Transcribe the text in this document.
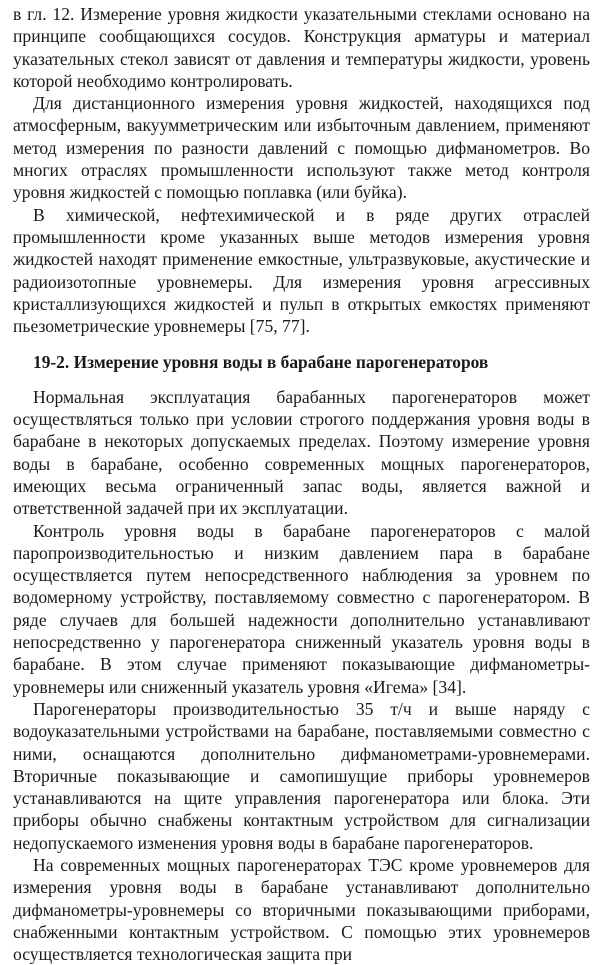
в гл. 12. Измерение уровня жидкости указательными стеклами основано на принципе сообщающихся сосудов. Конструкция арматуры и материал указательных стекол зависят от давления и температуры жидкости, уровень которой необходимо контролировать.

Для дистанционного измерения уровня жидкостей, находящихся под атмосферным, вакуумметрическим или избыточным давлением, применяют метод измерения по разности давлений с помощью дифманометров. Во многих отраслях промышленности используют также метод контроля уровня жидкостей с помощью поплавка (или буйка).

В химической, нефтехимической и в ряде других отраслей промышленности кроме указанных выше методов измерения уровня жидкостей находят применение емкостные, ультразвуковые, акустические и радиоизотопные уровнемеры. Для измерения уровня агрессивных кристаллизующихся жидкостей и пульп в открытых емкостях применяют пьезометрические уровнемеры [75, 77].

19-2. Измерение уровня воды в барабане парогенераторов

Нормальная эксплуатация барабанных парогенераторов может осуществляться только при условии строгого поддержания уровня воды в барабане в некоторых допускаемых пределах. Поэтому измерение уровня воды в барабане, особенно современных мощных парогенераторов, имеющих весьма ограниченный запас воды, является важной и ответственной задачей при их эксплуатации.

Контроль уровня воды в барабане парогенераторов с малой паропроизводительностью и низким давлением пара в барабане осуществляется путем непосредственного наблюдения за уровнем по водомерному устройству, поставляемому совместно с парогенератором. В ряде случаев для большей надежности дополнительно устанавливают непосредственно у парогенератора сниженный указатель уровня воды в барабане. В этом случае применяют показывающие дифманометры-уровнемеры или сниженный указатель уровня «Игема» [34].

Парогенераторы производительностью 35 т/ч и выше наряду с водоуказательными устройствами на барабане, поставляемыми совместно с ними, оснащаются дополнительно дифманометрами-уровнемерами. Вторичные показывающие и самопишущие приборы уровнемеров устанавливаются на щите управления парогенератора или блока. Эти приборы обычно снабжены контактным устройством для сигнализации недопускаемого изменения уровня воды в барабане парогенераторов.

На современных мощных парогенераторах ТЭС кроме уровнемеров для измерения уровня воды в барабане устанавливают дополнительно дифманометры-уровнемеры со вторичными показывающими приборами, снабженными контактным устройством. С помощью этих уровнемеров осуществляется технологическая защита при
